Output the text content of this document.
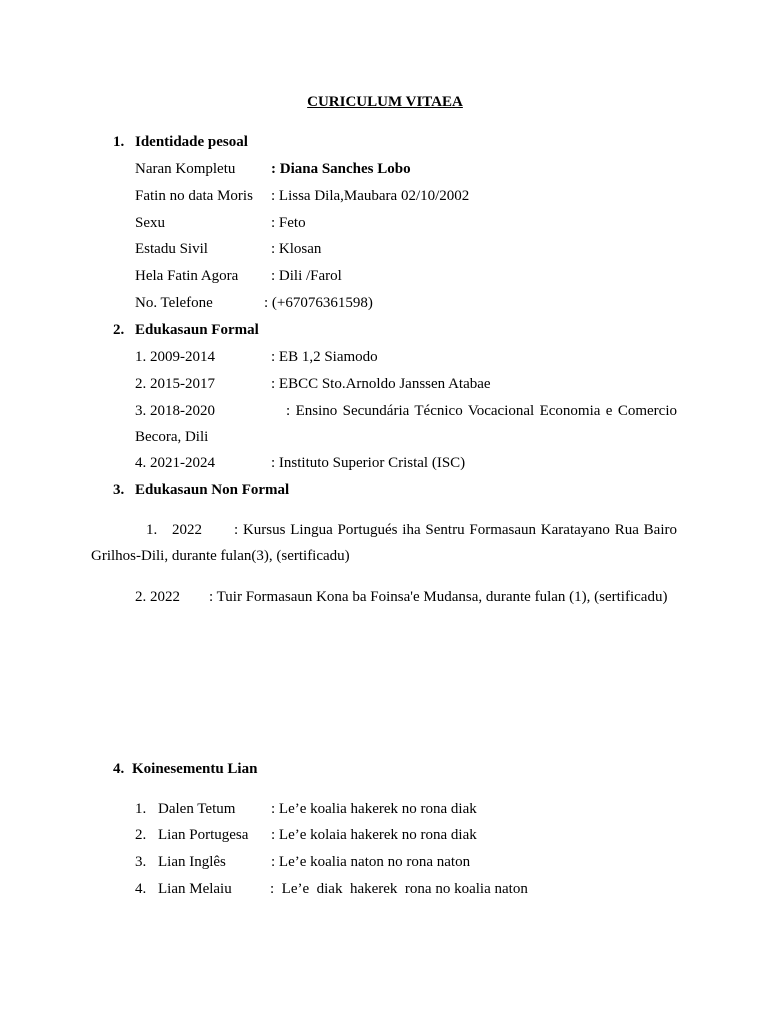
CURICULUM VITAEA
1. Identidade pesoal
Naran Kompletu : Diana Sanches Lobo
Fatin no data Moris : Lissa Dila,Maubara 02/10/2002
Sexu	: Feto
Estadu Sivil	: Klosan
Hela Fatin Agora : Dili /Farol
No. Telefone	: (+67076361598)
2. Edukasaun Formal
1. 2009-2014	: EB 1,2 Siamodo
2. 2015-2017	: EBCC Sto.Arnoldo Janssen Atabae
3. 2018-2020	: Ensino Secundária Técnico Vocacional Economia e Comercio
Becora, Dili
4. 2021-2024	: Instituto Superior Cristal (ISC)
3. Edukasaun Non Formal
1. 2022 : Kursus Lingua Portugués iha Sentru Formasaun Karatayano Rua Bairo
Grilhos-Dili, durante fulan(3), (sertificadu)
2. 2022 : Tuir Formasaun Kona ba Foinsa'e Mudansa, durante fulan (1), (sertificadu)
4. Koinesementu Lian
1. Dalen Tetum : Le’e koalia hakerek no rona diak
2. Lian Portugesa : Le’e kolaia hakerek no rona diak
3. Lian Inglês	: Le’e koalia naton no rona naton
4. Lian Melaiu	:  Le’e  diak  hakerek  rona no koalia naton
